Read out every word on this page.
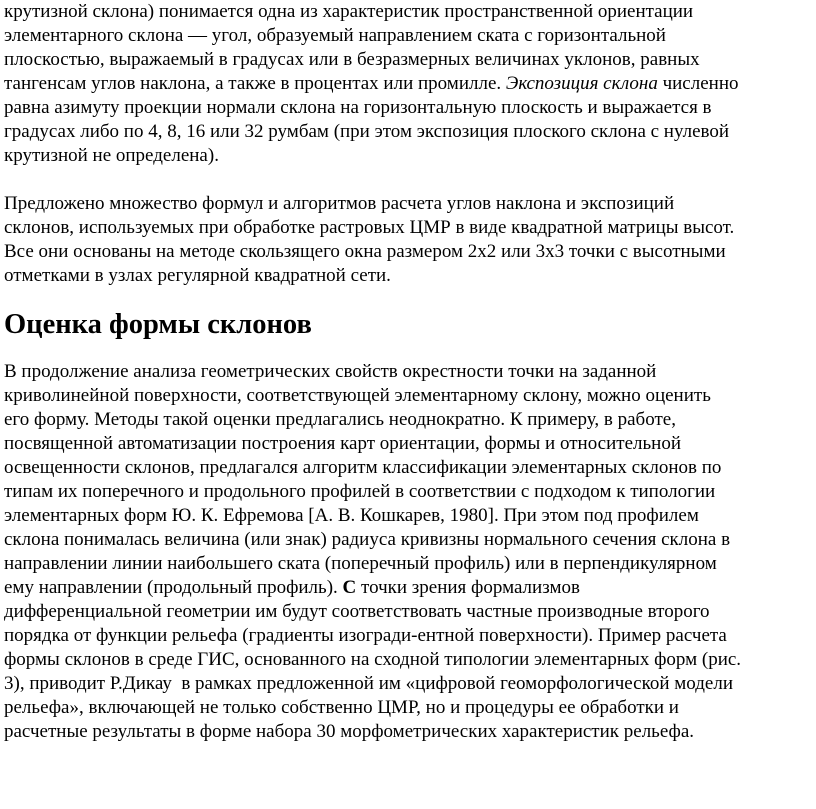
крутизной склона) понимается одна из характеристик пространственной ориентации
элементарного склона — угол, образуемый направлением ската с горизонтальной
плоскостью, выражаемый в градусах или в безразмерных величинах уклонов, равных
тангенсам углов наклона, а также в процентах или промилле. Экспозиция склона численно
равна азимуту проекции нормали склона на горизонтальную плоскость и выражается в
градусах либо по 4, 8, 16 или 32 румбам (при этом экспозиция плоского склона с нулевой
крутизной не определена).

Предложено множество формул и алгоритмов расчета углов наклона и экспозиций
склонов, используемых при обработке растровых ЦМР в виде квадратной матрицы высот.
Все они основаны на методе скользящего окна размером 2х2 или 3х3 точки с высотными
отметками в узлах регулярной квадратной сети.

Оценка формы склонов

В продолжение анализа геометрических свойств окрестности точки на заданной
криволинейной поверхности, соответствующей элементарному склону, можно оценить
его форму. Методы такой оценки предлагались неоднократно. К примеру, в работе,
посвященной автоматизации построения карт ориентации, формы и относительной
освещенности склонов, предлагался алгоритм классификации элементарных склонов по
типам их поперечного и продольного профилей в соответствии с подходом к типологии
элементарных форм Ю. К. Ефремова [А. В. Кошкарев, 1980]. При этом под профилем
склона понималась величина (или знак) радиуса кривизны нормального сечения склона в
направлении линии наибольшего ската (поперечный профиль) или в перпендикулярном
ему направлении (продольный профиль). С точки зрения формализмов
дифференциальной геометрии им будут соответствовать частные производные второго
порядка от функции рельефа (градиенты изогради-ентной поверхности). Пример расчета
формы склонов в среде ГИС, основанного на сходной типологии элементарных форм (рис.
3), приводит Р.Дикау  в рамках предложенной им «цифровой геоморфологической модели
рельефа», включающей не только собственно ЦМР, но и процедуры ее обработки и
расчетные результаты в форме набора 30 морфометрических характеристик рельефа.
